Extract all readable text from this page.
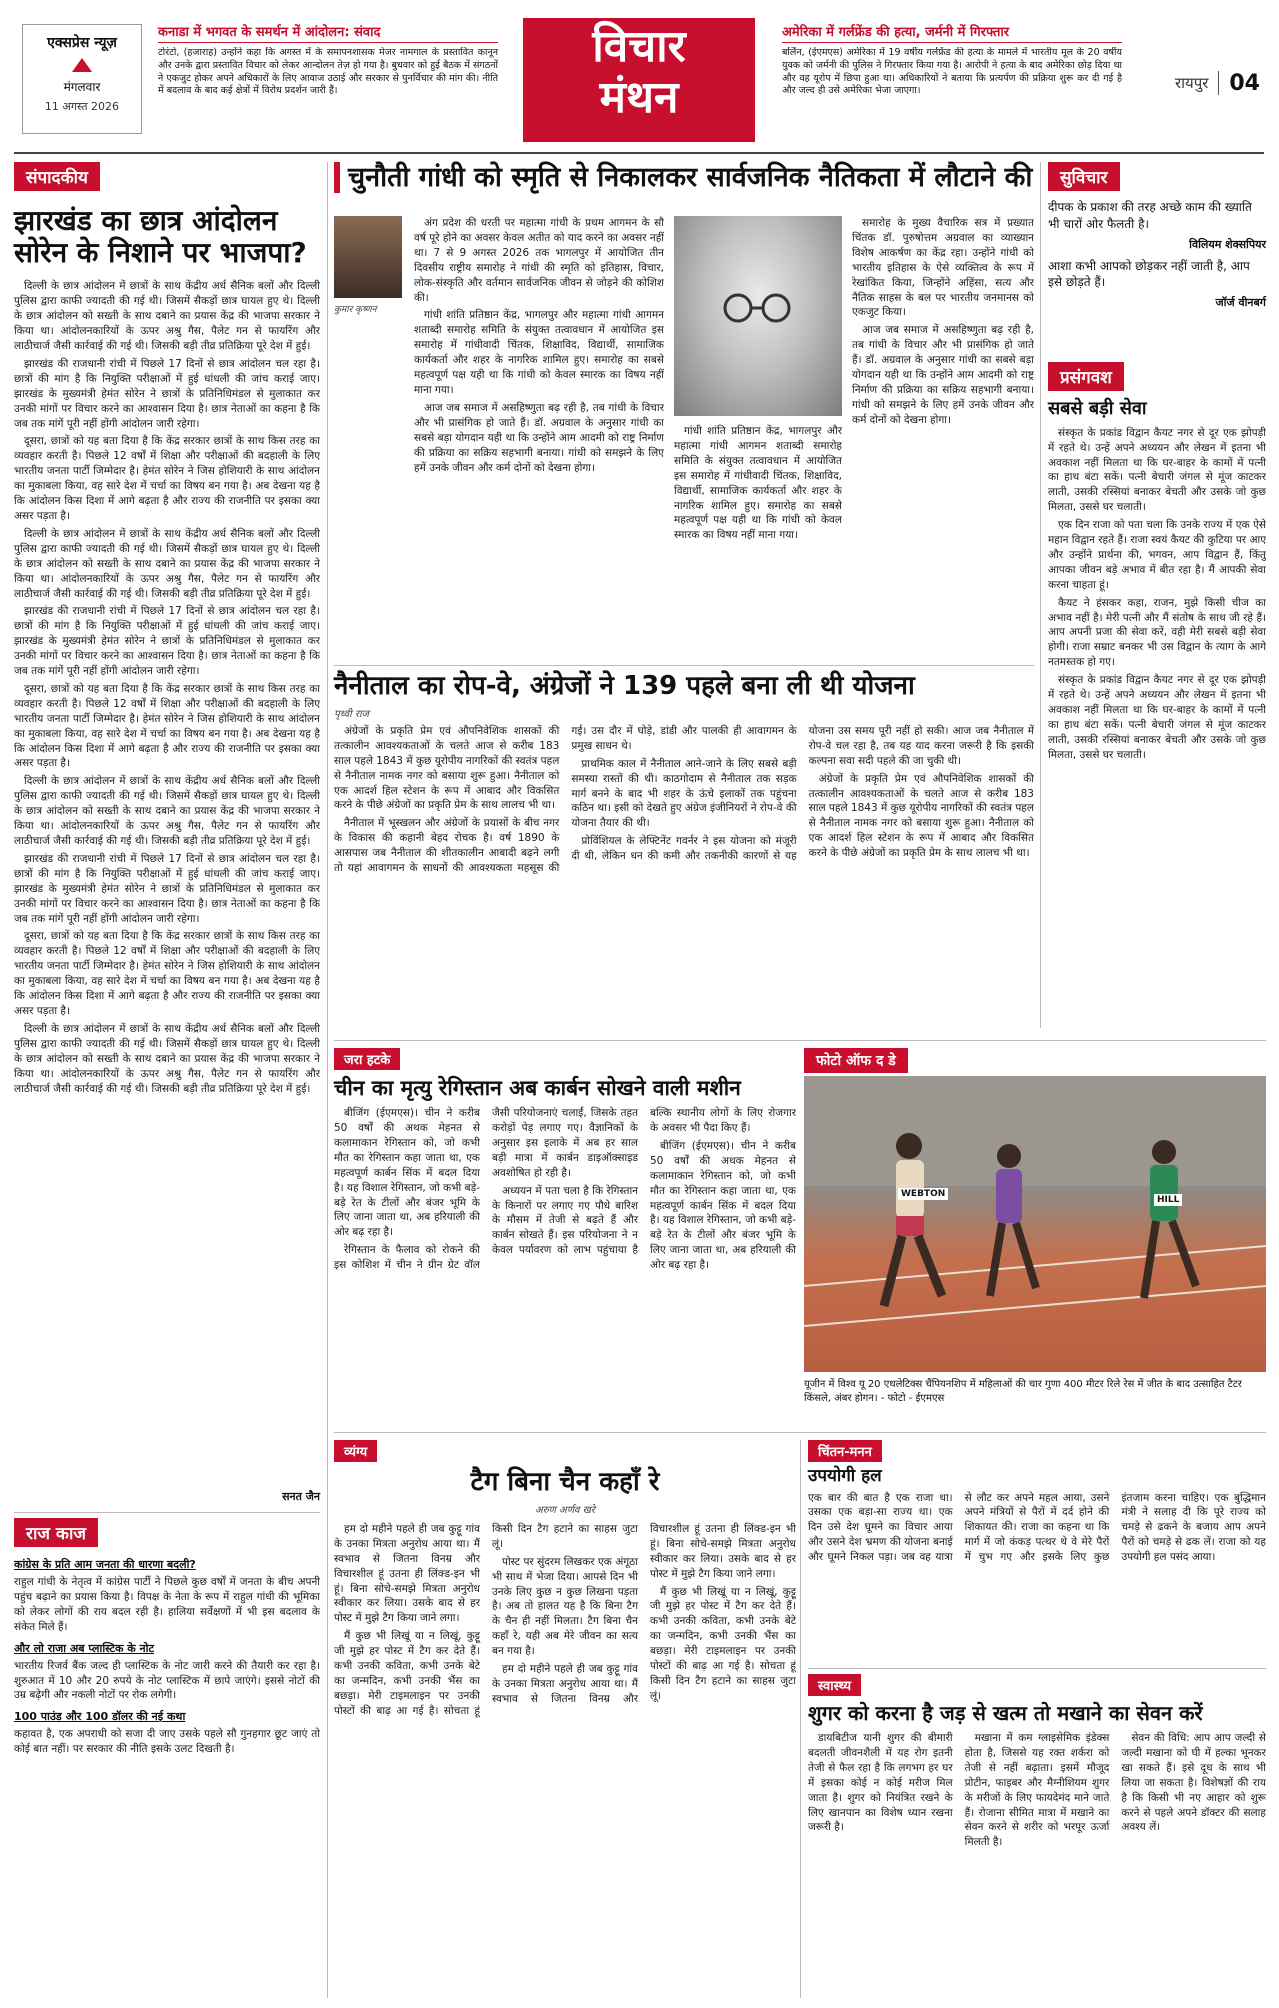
एक्सप्रेस न्यूज़
मंगलवार
11 अगस्त 2026
कनाडा में भगवत के समर्थन में आंदोलन: संवाद
टोरंटो, (हजाराह) उन्होंने कहा कि अगस्त में के समापनशासक मेजर नामगाल के प्रस्तावित कानून और उनके द्वारा प्रस्तावित विचार को लेकर आन्दोलन तेज़ हो गया है। बुधवार को हुई बैठक में संगठनों ने एकजुट होकर अपने अधिकारों के लिए आवाज उठाई और सरकार से पुनर्विचार की मांग की। नीति में बदलाव के बाद कई क्षेत्रों में विरोध प्रदर्शन जारी हैं।
विचार
मंथन
अमेरिका में गर्लफ्रेंड की हत्या, जर्मनी में गिरफ्तार
बर्लिन, (ईएमएस) अमेरिका में 19 वर्षीय गर्लफ्रेंड की हत्या के मामले में भारतीय मूल के 20 वर्षीय युवक को जर्मनी की पुलिस ने गिरफ्तार किया गया है। आरोपी ने हत्या के बाद अमेरिका छोड़ दिया था और वह यूरोप में छिपा हुआ था। अधिकारियों ने बताया कि प्रत्यर्पण की प्रक्रिया शुरू कर दी गई है और जल्द ही उसे अमेरिका भेजा जाएगा।	रायपुर 04
संपादकीय
झारखंड का छात्र आंदोलन सोरेन के निशाने पर भाजपा?

दिल्ली के छात्र आंदोलन में छात्रों के साथ केंद्रीय अर्ध सैनिक बलों और दिल्ली पुलिस द्वारा काफी ज्यादती की गई थी। जिसमें सैकड़ों छात्र घायल हुए थे। दिल्ली के छात्र आंदोलन को सख्ती के साथ दबाने का प्रयास केंद्र की भाजपा सरकार ने किया था। आंदोलनकारियों के ऊपर अश्रु गैस, पैलेट गन से फायरिंग और लाठीचार्ज जैसी कार्रवाई की गई थी। जिसकी बड़ी तीव्र प्रतिक्रिया पूरे देश में हुई।

झारखंड की राजधानी रांची में पिछले 17 दिनों से छात्र आंदोलन चल रहा है। छात्रों की मांग है कि नियुक्ति परीक्षाओं में हुई धांधली की जांच कराई जाए। झारखंड के मुख्यमंत्री हेमंत सोरेन ने छात्रों के प्रतिनिधिमंडल से मुलाकात कर उनकी मांगों पर विचार करने का आश्वासन दिया है। छात्र नेताओं का कहना है कि जब तक मांगें पूरी नहीं होंगी आंदोलन जारी रहेगा।

दूसरा, छात्रों को यह बता दिया है कि केंद्र सरकार छात्रों के साथ किस तरह का व्यवहार करती है। पिछले 12 वर्षों में शिक्षा और परीक्षाओं की बदहाली के लिए भारतीय जनता पार्टी जिम्मेदार है। हेमंत सोरेन ने जिस होशियारी के साथ आंदोलन का मुकाबला किया, वह सारे देश में चर्चा का विषय बन गया है। अब देखना यह है कि आंदोलन किस दिशा में आगे बढ़ता है और राज्य की राजनीति पर इसका क्या असर पड़ता है।

दिल्ली के छात्र आंदोलन में छात्रों के साथ केंद्रीय अर्ध सैनिक बलों और दिल्ली पुलिस द्वारा काफी ज्यादती की गई थी। जिसमें सैकड़ों छात्र घायल हुए थे। दिल्ली के छात्र आंदोलन को सख्ती के साथ दबाने का प्रयास केंद्र की भाजपा सरकार ने किया था। आंदोलनकारियों के ऊपर अश्रु गैस, पैलेट गन से फायरिंग और लाठीचार्ज जैसी कार्रवाई की गई थी। जिसकी बड़ी तीव्र प्रतिक्रिया पूरे देश में हुई।

झारखंड की राजधानी रांची में पिछले 17 दिनों से छात्र आंदोलन चल रहा है। छात्रों की मांग है कि नियुक्ति परीक्षाओं में हुई धांधली की जांच कराई जाए। झारखंड के मुख्यमंत्री हेमंत सोरेन ने छात्रों के प्रतिनिधिमंडल से मुलाकात कर उनकी मांगों पर विचार करने का आश्वासन दिया है। छात्र नेताओं का कहना है कि जब तक मांगें पूरी नहीं होंगी आंदोलन जारी रहेगा।

दूसरा, छात्रों को यह बता दिया है कि केंद्र सरकार छात्रों के साथ किस तरह का व्यवहार करती है। पिछले 12 वर्षों में शिक्षा और परीक्षाओं की बदहाली के लिए भारतीय जनता पार्टी जिम्मेदार है। हेमंत सोरेन ने जिस होशियारी के साथ आंदोलन का मुकाबला किया, वह सारे देश में चर्चा का विषय बन गया है। अब देखना यह है कि आंदोलन किस दिशा में आगे बढ़ता है और राज्य की राजनीति पर इसका क्या असर पड़ता है।

दिल्ली के छात्र आंदोलन में छात्रों के साथ केंद्रीय अर्ध सैनिक बलों और दिल्ली पुलिस द्वारा काफी ज्यादती की गई थी। जिसमें सैकड़ों छात्र घायल हुए थे। दिल्ली के छात्र आंदोलन को सख्ती के साथ दबाने का प्रयास केंद्र की भाजपा सरकार ने किया था। आंदोलनकारियों के ऊपर अश्रु गैस, पैलेट गन से फायरिंग और लाठीचार्ज जैसी कार्रवाई की गई थी। जिसकी बड़ी तीव्र प्रतिक्रिया पूरे देश में हुई।

झारखंड की राजधानी रांची में पिछले 17 दिनों से छात्र आंदोलन चल रहा है। छात्रों की मांग है कि नियुक्ति परीक्षाओं में हुई धांधली की जांच कराई जाए। झारखंड के मुख्यमंत्री हेमंत सोरेन ने छात्रों के प्रतिनिधिमंडल से मुलाकात कर उनकी मांगों पर विचार करने का आश्वासन दिया है। छात्र नेताओं का कहना है कि जब तक मांगें पूरी नहीं होंगी आंदोलन जारी रहेगा।

दूसरा, छात्रों को यह बता दिया है कि केंद्र सरकार छात्रों के साथ किस तरह का व्यवहार करती है। पिछले 12 वर्षों में शिक्षा और परीक्षाओं की बदहाली के लिए भारतीय जनता पार्टी जिम्मेदार है। हेमंत सोरेन ने जिस होशियारी के साथ आंदोलन का मुकाबला किया, वह सारे देश में चर्चा का विषय बन गया है। अब देखना यह है कि आंदोलन किस दिशा में आगे बढ़ता है और राज्य की राजनीति पर इसका क्या असर पड़ता है।

दिल्ली के छात्र आंदोलन में छात्रों के साथ केंद्रीय अर्ध सैनिक बलों और दिल्ली पुलिस द्वारा काफी ज्यादती की गई थी। जिसमें सैकड़ों छात्र घायल हुए थे। दिल्ली के छात्र आंदोलन को सख्ती के साथ दबाने का प्रयास केंद्र की भाजपा सरकार ने किया था। आंदोलनकारियों के ऊपर अश्रु गैस, पैलेट गन से फायरिंग और लाठीचार्ज जैसी कार्रवाई की गई थी। जिसकी बड़ी तीव्र प्रतिक्रिया पूरे देश में हुई।

सनत जैन
राज काज
कांग्रेस के प्रति आम जनता की धारणा बदली?
राहुल गांधी के नेतृत्व में कांग्रेस पार्टी ने पिछले कुछ वर्षों में जनता के बीच अपनी पहुंच बढ़ाने का प्रयास किया है। विपक्ष के नेता के रूप में राहुल गांधी की भूमिका को लेकर लोगों की राय बदल रही है। हालिया सर्वेक्षणों में भी इस बदलाव के संकेत मिले हैं।
और लो राजा अब प्लास्टिक के नोट
भारतीय रिजर्व बैंक जल्द ही प्लास्टिक के नोट जारी करने की तैयारी कर रहा है। शुरुआत में 10 और 20 रुपये के नोट प्लास्टिक में छापे जाएंगे। इससे नोटों की उम्र बढ़ेगी और नकली नोटों पर रोक लगेगी।
100 पाउंड और 100 डॉलर की नई कथा
कहावत है, एक अपराधी को सजा दी जाए उसके पहले सौ गुनहगार छूट जाएं तो कोई बात नहीं। पर सरकार की नीति इसके उलट दिखती है।
चुनौती गांधी को स्मृति से निकालकर सार्वजनिक नैतिकता में लौटाने की
कुमार कृष्णन

अंग प्रदेश की धरती पर महात्मा गांधी के प्रथम आगमन के सौ वर्ष पूरे होने का अवसर केवल अतीत को याद करने का अवसर नहीं था। 7 से 9 अगस्त 2026 तक भागलपुर में आयोजित तीन दिवसीय राष्ट्रीय समारोह ने गांधी की स्मृति को इतिहास, विचार, लोक-संस्कृति और वर्तमान सार्वजनिक जीवन से जोड़ने की कोशिश की।

गांधी शांति प्रतिष्ठान केंद्र, भागलपुर और महात्मा गांधी आगमन शताब्दी समारोह समिति के संयुक्त तत्वावधान में आयोजित इस समारोह में गांधीवादी चिंतक, शिक्षाविद, विद्यार्थी, सामाजिक कार्यकर्ता और शहर के नागरिक शामिल हुए। समारोह का सबसे महत्वपूर्ण पक्ष यही था कि गांधी को केवल स्मारक का विषय नहीं माना गया।

आज जब समाज में असहिष्णुता बढ़ रही है, तब गांधी के विचार और भी प्रासंगिक हो जाते हैं। डॉ. अग्रवाल के अनुसार गांधी का सबसे बड़ा योगदान यही था कि उन्होंने आम आदमी को राष्ट्र निर्माण की प्रक्रिया का सक्रिय सहभागी बनाया। गांधी को समझने के लिए हमें उनके जीवन और कर्म दोनों को देखना होगा।

गांधी शांति प्रतिष्ठान केंद्र, भागलपुर और महात्मा गांधी आगमन शताब्दी समारोह समिति के संयुक्त तत्वावधान में आयोजित इस समारोह में गांधीवादी चिंतक, शिक्षाविद, विद्यार्थी, सामाजिक कार्यकर्ता और शहर के नागरिक शामिल हुए। समारोह का सबसे महत्वपूर्ण पक्ष यही था कि गांधी को केवल स्मारक का विषय नहीं माना गया।

समारोह के मुख्य वैचारिक सत्र में प्रख्यात चिंतक डॉ. पुरुषोत्तम अग्रवाल का व्याख्यान विशेष आकर्षण का केंद्र रहा। उन्होंने गांधी को भारतीय इतिहास के ऐसे व्यक्तित्व के रूप में रेखांकित किया, जिन्होंने अहिंसा, सत्य और नैतिक साहस के बल पर भारतीय जनमानस को एकजुट किया।

आज जब समाज में असहिष्णुता बढ़ रही है, तब गांधी के विचार और भी प्रासंगिक हो जाते हैं। डॉ. अग्रवाल के अनुसार गांधी का सबसे बड़ा योगदान यही था कि उन्होंने आम आदमी को राष्ट्र निर्माण की प्रक्रिया का सक्रिय सहभागी बनाया। गांधी को समझने के लिए हमें उनके जीवन और कर्म दोनों को देखना होगा।

नैनीताल का रोप-वे, अंग्रेजों ने 139 पहले बना ली थी योजना
पृथ्वी राज

अंग्रेजों के प्रकृति प्रेम एवं औपनिवेशिक शासकों की तत्कालीन आवश्यकताओं के चलते आज से करीब 183 साल पहले 1843 में कुछ यूरोपीय नागरिकों की स्वतंत्र पहल से नैनीताल नामक नगर को बसाया शुरू हुआ। नैनीताल को एक आदर्श हिल स्टेशन के रूप में आबाद और विकसित करने के पीछे अंग्रेजों का प्रकृति प्रेम के साथ लालच भी था।

नैनीताल में भूस्खलन और अंग्रेजों के प्रयासों के बीच नगर के विकास की कहानी बेहद रोचक है। वर्ष 1890 के आसपास जब नैनीताल की शीतकालीन आबादी बढ़ने लगी तो यहां आवागमन के साधनों की आवश्यकता महसूस की गई। उस दौर में घोड़े, डांडी और पालकी ही आवागमन के प्रमुख साधन थे।

प्राथमिक काल में नैनीताल आने-जाने के लिए सबसे बड़ी समस्या रास्तों की थी। काठगोदाम से नैनीताल तक सड़क मार्ग बनने के बाद भी शहर के ऊंचे इलाकों तक पहुंचना कठिन था। इसी को देखते हुए अंग्रेज इंजीनियरों ने रोप-वे की योजना तैयार की थी।

प्रोविंशियल के लेफ्टिनेंट गवर्नर ने इस योजना को मंजूरी दी थी, लेकिन धन की कमी और तकनीकी कारणों से यह योजना उस समय पूरी नहीं हो सकी। आज जब नैनीताल में रोप-वे चल रहा है, तब यह याद करना जरूरी है कि इसकी कल्पना सवा सदी पहले की जा चुकी थी।

अंग्रेजों के प्रकृति प्रेम एवं औपनिवेशिक शासकों की तत्कालीन आवश्यकताओं के चलते आज से करीब 183 साल पहले 1843 में कुछ यूरोपीय नागरिकों की स्वतंत्र पहल से नैनीताल नामक नगर को बसाया शुरू हुआ। नैनीताल को एक आदर्श हिल स्टेशन के रूप में आबाद और विकसित करने के पीछे अंग्रेजों का प्रकृति प्रेम के साथ लालच भी था।

सुविचार
दीपक के प्रकाश की तरह अच्छे काम की ख्याति भी चारों ओर फैलती है।
विलियम शेक्सपियर
आशा कभी आपको छोड़कर नहीं जाती है, आप इसे छोड़ते हैं।
जॉर्ज वीनबर्ग
प्रसंगवश
सबसे बड़ी सेवा

संस्कृत के प्रकांड विद्वान कैयट नगर से दूर एक झोपड़ी में रहते थे। उन्हें अपने अध्ययन और लेखन में इतना भी अवकाश नहीं मिलता था कि घर-बाहर के कामों में पत्नी का हाथ बंटा सकें। पत्नी बेचारी जंगल से मूंज काटकर लाती, उसकी रस्सियां बनाकर बेचती और उसके जो कुछ मिलता, उससे घर चलाती।

एक दिन राजा को पता चला कि उनके राज्य में एक ऐसे महान विद्वान रहते हैं। राजा स्वयं कैयट की कुटिया पर आए और उन्होंने प्रार्थना की, भगवन, आप विद्वान हैं, किंतु आपका जीवन बड़े अभाव में बीत रहा है। मैं आपकी सेवा करना चाहता हूं।

कैयट ने हंसकर कहा, राजन, मुझे किसी चीज का अभाव नहीं है। मेरी पत्नी और मैं संतोष के साथ जी रहे हैं। आप अपनी प्रजा की सेवा करें, वही मेरी सबसे बड़ी सेवा होगी। राजा सम्राट बनकर भी उस विद्वान के त्याग के आगे नतमस्तक हो गए।

संस्कृत के प्रकांड विद्वान कैयट नगर से दूर एक झोपड़ी में रहते थे। उन्हें अपने अध्ययन और लेखन में इतना भी अवकाश नहीं मिलता था कि घर-बाहर के कामों में पत्नी का हाथ बंटा सकें। पत्नी बेचारी जंगल से मूंज काटकर लाती, उसकी रस्सियां बनाकर बेचती और उसके जो कुछ मिलता, उससे घर चलाती।

जरा हटके
चीन का मृत्यु रेगिस्तान अब कार्बन सोखने वाली मशीन

बीजिंग (ईएमएस)। चीन ने करीब 50 वर्षों की अथक मेहनत से कलामाकान रेगिस्तान को, जो कभी मौत का रेगिस्तान कहा जाता था, एक महत्वपूर्ण कार्बन सिंक में बदल दिया है। यह विशाल रेगिस्तान, जो कभी बड़े-बड़े रेत के टीलों और बंजर भूमि के लिए जाना जाता था, अब हरियाली की ओर बढ़ रहा है।

रेगिस्तान के फैलाव को रोकने की इस कोशिश में चीन ने ग्रीन ग्रेट वॉल जैसी परियोजनाएं चलाईं, जिसके तहत करोड़ों पेड़ लगाए गए। वैज्ञानिकों के अनुसार इस इलाके में अब हर साल बड़ी मात्रा में कार्बन डाइऑक्साइड अवशोषित हो रही है।

अध्ययन में पता चला है कि रेगिस्तान के किनारों पर लगाए गए पौधे बारिश के मौसम में तेजी से बढ़ते हैं और कार्बन सोखते हैं। इस परियोजना ने न केवल पर्यावरण को लाभ पहुंचाया है बल्कि स्थानीय लोगों के लिए रोजगार के अवसर भी पैदा किए हैं।

बीजिंग (ईएमएस)। चीन ने करीब 50 वर्षों की अथक मेहनत से कलामाकान रेगिस्तान को, जो कभी मौत का रेगिस्तान कहा जाता था, एक महत्वपूर्ण कार्बन सिंक में बदल दिया है। यह विशाल रेगिस्तान, जो कभी बड़े-बड़े रेत के टीलों और बंजर भूमि के लिए जाना जाता था, अब हरियाली की ओर बढ़ रहा है।

फोटो ऑफ द डे
WEBTON
HILL
यूजीन में विश्व यू 20 एथलेटिक्स चैंपियनशिप में महिलाओं की चार गुणा 400 मीटर रिले रेस में जीत के बाद उत्साहित टैटर किंसले, अंबर होगन। - फोटो - ईएमएस
व्यंग्य
टैग बिना चैन कहाँ रे
अरुण अर्णव खरे

हम दो महीने पहले ही जब कुट्टू गांव के उनका मित्रता अनुरोध आया था। मैं स्वभाव से जितना विनम्र और विचारशील हूं उतना ही लिंक्ड-इन भी हूं। बिना सोचे-समझे मित्रता अनुरोध स्वीकार कर लिया। उसके बाद से हर पोस्ट में मुझे टैग किया जाने लगा।

मैं कुछ भी लिखूं या न लिखूं, कुट्टू जी मुझे हर पोस्ट में टैग कर देते हैं। कभी उनकी कविता, कभी उनके बेटे का जन्मदिन, कभी उनकी भैंस का बछड़ा। मेरी टाइमलाइन पर उनकी पोस्टों की बाढ़ आ गई है। सोचता हूं किसी दिन टैग हटाने का साहस जुटा लूं।

पोस्ट पर सुंदरम लिखकर एक अंगूठा भी साथ में भेजा दिया। आपसे दिन भी उनके लिए कुछ न कुछ लिखना पड़ता है। अब तो हालत यह है कि बिना टैग के चैन ही नहीं मिलता। टैग बिना चैन कहाँ रे, यही अब मेरे जीवन का सत्य बन गया है।

हम दो महीने पहले ही जब कुट्टू गांव के उनका मित्रता अनुरोध आया था। मैं स्वभाव से जितना विनम्र और विचारशील हूं उतना ही लिंक्ड-इन भी हूं। बिना सोचे-समझे मित्रता अनुरोध स्वीकार कर लिया। उसके बाद से हर पोस्ट में मुझे टैग किया जाने लगा।

मैं कुछ भी लिखूं या न लिखूं, कुट्टू जी मुझे हर पोस्ट में टैग कर देते हैं। कभी उनकी कविता, कभी उनके बेटे का जन्मदिन, कभी उनकी भैंस का बछड़ा। मेरी टाइमलाइन पर उनकी पोस्टों की बाढ़ आ गई है। सोचता हूं किसी दिन टैग हटाने का साहस जुटा लूं।

चिंतन-मनन
उपयोगी हल
एक बार की बात है एक राजा था। उसका एक बड़ा-सा राज्य था। एक दिन उसे देश घूमने का विचार आया और उसने देश भ्रमण की योजना बनाई और घूमने निकल पड़ा। जब वह यात्रा से लौट कर अपने महल आया, उसने अपने मंत्रियों से पैरों में दर्द होने की शिकायत की। राजा का कहना था कि मार्ग में जो कंकड़ पत्थर थे वे मेरे पैरों में चुभ गए और इसके लिए कुछ इंतजाम करना चाहिए। एक बुद्धिमान मंत्री ने सलाह दी कि पूरे राज्य को चमड़े से ढकने के बजाय आप अपने पैरों को चमड़े से ढक लें। राजा को यह उपयोगी हल पसंद आया।
स्वास्थ्य
शुगर को करना है जड़ से खत्म तो मखाने का सेवन करें

डायबिटीज यानी शुगर की बीमारी बदलती जीवनशैली में यह रोग इतनी तेजी से फैल रहा है कि लगभग हर घर में इसका कोई न कोई मरीज मिल जाता है। शुगर को नियंत्रित रखने के लिए खानपान का विशेष ध्यान रखना जरूरी है।

मखाना में कम ग्लाइसेमिक इंडेक्स होता है, जिससे यह रक्त शर्करा को तेजी से नहीं बढ़ाता। इसमें मौजूद प्रोटीन, फाइबर और मैग्नीशियम शुगर के मरीजों के लिए फायदेमंद माने जाते हैं। रोजाना सीमित मात्रा में मखाने का सेवन करने से शरीर को भरपूर ऊर्जा मिलती है।

सेवन की विधि: आप आप जल्दी से जल्दी मखाना को घी में हल्का भूनकर खा सकते हैं। इसे दूध के साथ भी लिया जा सकता है। विशेषज्ञों की राय है कि किसी भी नए आहार को शुरू करने से पहले अपने डॉक्टर की सलाह अवश्य लें।
